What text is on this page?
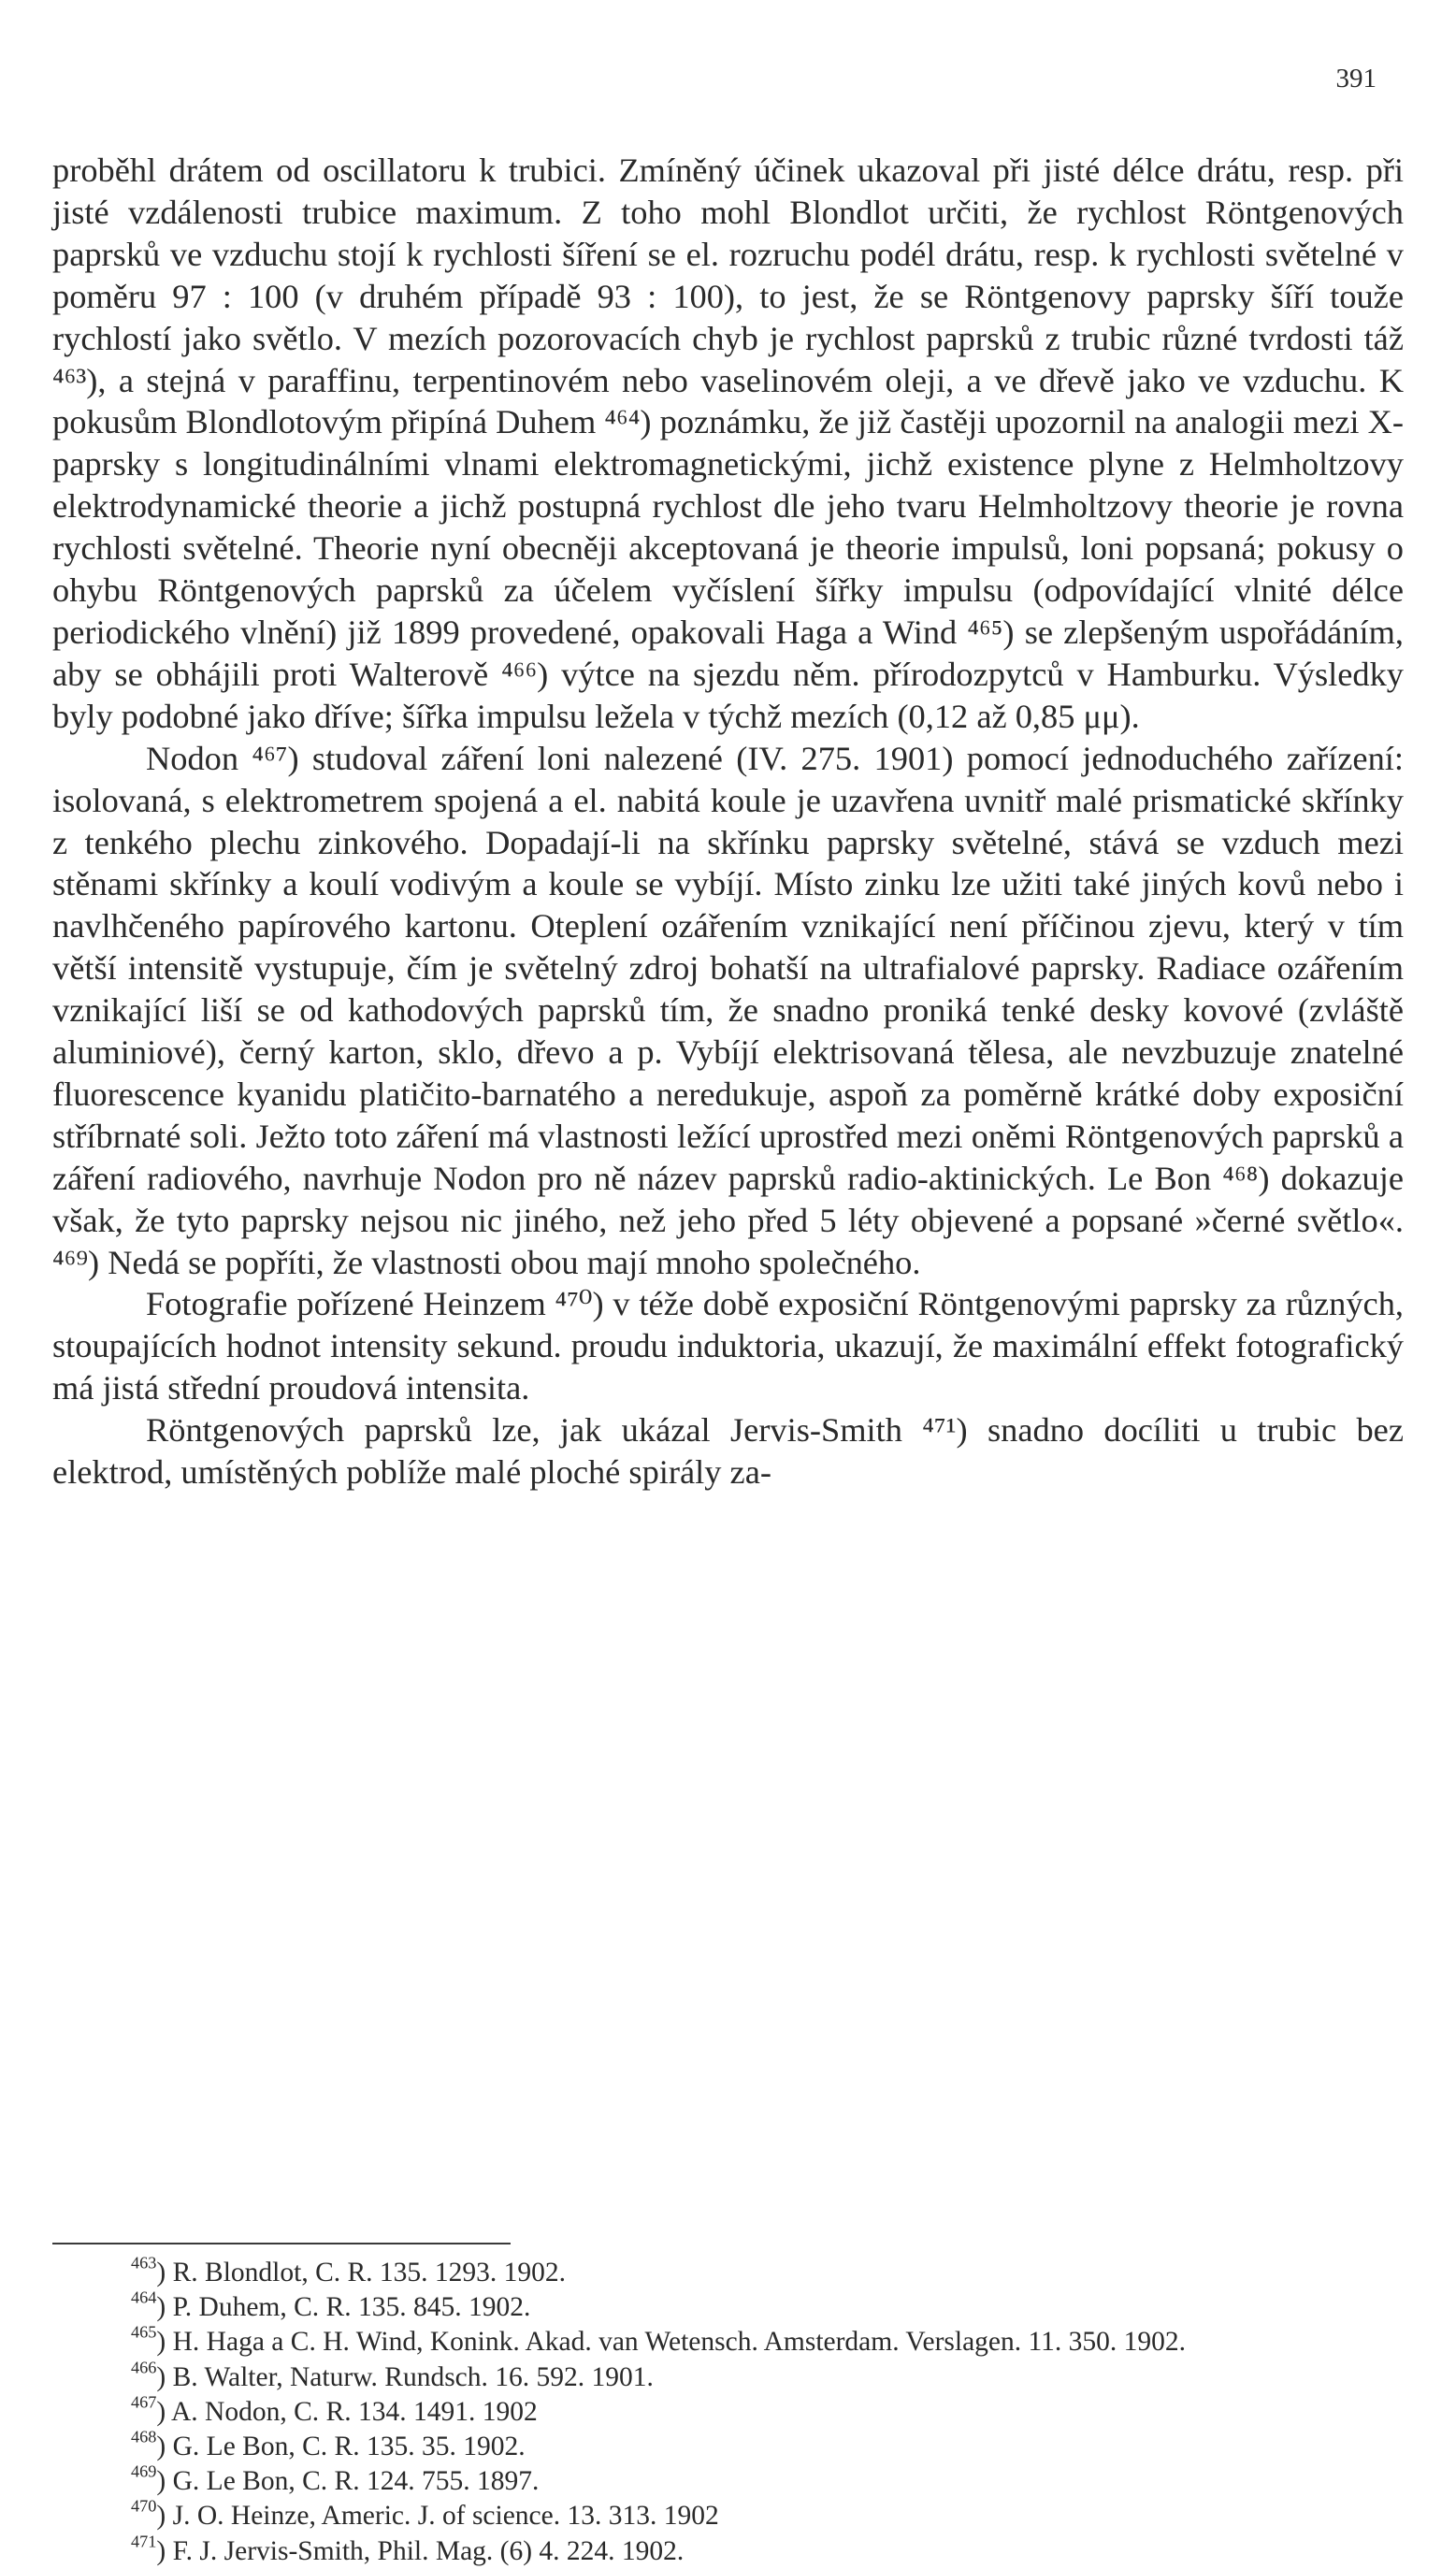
391

proběhl drátem od oscillatoru k trubici. Zmíněný účinek ukazoval při jisté délce drátu, resp. při jisté vzdálenosti trubice maximum. Z toho mohl Blondlot určiti, že rychlost Röntgenových paprsků ve vzduchu stojí k rychlosti šíření se el. rozruchu podél drátu, resp. k rychlosti světelné v poměru 97 : 100 (v druhém případě 93 : 100), to jest, že se Röntgenovy paprsky šíří touže rychlostí jako světlo. V mezích pozorovacích chyb je rychlost paprsků z trubic různé tvrdosti táž ⁴⁶³), a stejná v paraffinu, terpentinovém nebo vaselinovém oleji, a ve dřevě jako ve vzduchu. K pokusům Blondlotovým připíná Duhem ⁴⁶⁴) poznámku, že již častěji upozornil na analogii mezi X-paprsky s longitudinálními vlnami elektromagnetickými, jichž existence plyne z Helmholtzovy elektrodynamické theorie a jichž postupná rychlost dle jeho tvaru Helmholtzovy theorie je rovna rychlosti světelné. Theorie nyní obecněji akceptovaná je theorie impulsů, loni popsaná; pokusy o ohybu Röntgenových paprsků za účelem vyčíslení šířky impulsu (odpovídající vlnité délce periodického vlnění) již 1899 provedené, opakovali Haga a Wind ⁴⁶⁵) se zlepšeným uspořádáním, aby se obhájili proti Walterově ⁴⁶⁶) výtce na sjezdu něm. přírodozpytců v Hamburku. Výsledky byly podobné jako dříve; šířka impulsu ležela v týchž mezích (0,12 až 0,85 μμ).

Nodon ⁴⁶⁷) studoval záření loni nalezené (IV. 275. 1901) pomocí jednoduchého zařízení: isolovaná, s elektrometrem spojená a el. nabitá koule je uzavřena uvnitř malé prismatické skřínky z tenkého plechu zinkového. Dopadají-li na skřínku paprsky světelné, stává se vzduch mezi stěnami skřínky a koulí vodivým a koule se vybíjí. Místo zinku lze užiti také jiných kovů nebo i navlhčeného papírového kartonu. Oteplení ozářením vznikající není příčinou zjevu, který v tím větší intensitě vystupuje, čím je světelný zdroj bohatší na ultrafialové paprsky. Radiace ozářením vznikající liší se od kathodových paprsků tím, že snadno proniká tenké desky kovové (zvláště aluminiové), černý karton, sklo, dřevo a p. Vybíjí elektrisovaná tělesa, ale nevzbuzuje znatelné fluorescence kyanidu platičito-barnatého a neredukuje, aspoň za poměrně krátké doby exposiční stříbrnaté soli. Ježto toto záření má vlastnosti ležící uprostřed mezi oněmi Röntgenových paprsků a záření radiového, navrhuje Nodon pro ně název paprsků radio-aktinických. Le Bon ⁴⁶⁸) dokazuje však, že tyto paprsky nejsou nic jiného, než jeho před 5 léty objevené a popsané »černé světlo«. ⁴⁶⁹) Nedá se popříti, že vlastnosti obou mají mnoho společného.

Fotografie pořízené Heinzem ⁴⁷⁰) v téže době exposiční Röntgenovými paprsky za různých, stoupajících hodnot intensity sekund. proudu induktoria, ukazují, že maximální effekt fotografický má jistá střední proudová intensita.

Röntgenových paprsků lze, jak ukázal Jervis-Smith ⁴⁷¹) snadno docíliti u trubic bez elektrod, umístěných poblíže malé ploché spirály za-

$^{463}$) R. Blondlot, C. R. 135. 1293. 1902.
$^{464}$) P. Duhem, C. R. 135. 845. 1902.
$^{465}$) H. Haga a C. H. Wind, Konink. Akad. van Wetensch. Amsterdam. Verslagen. 11. 350. 1902.
$^{466}$) B. Walter, Naturw. Rundsch. 16. 592. 1901.
$^{467}$) A. Nodon, C. R. 134. 1491. 1902
$^{468}$) G. Le Bon, C. R. 135. 35. 1902.
$^{469}$) G. Le Bon, C. R. 124. 755. 1897.
$^{470}$) J. O. Heinze, Americ. J. of science. 13. 313. 1902
$^{471}$) F. J. Jervis-Smith, Phil. Mag. (6) 4. 224. 1902.
